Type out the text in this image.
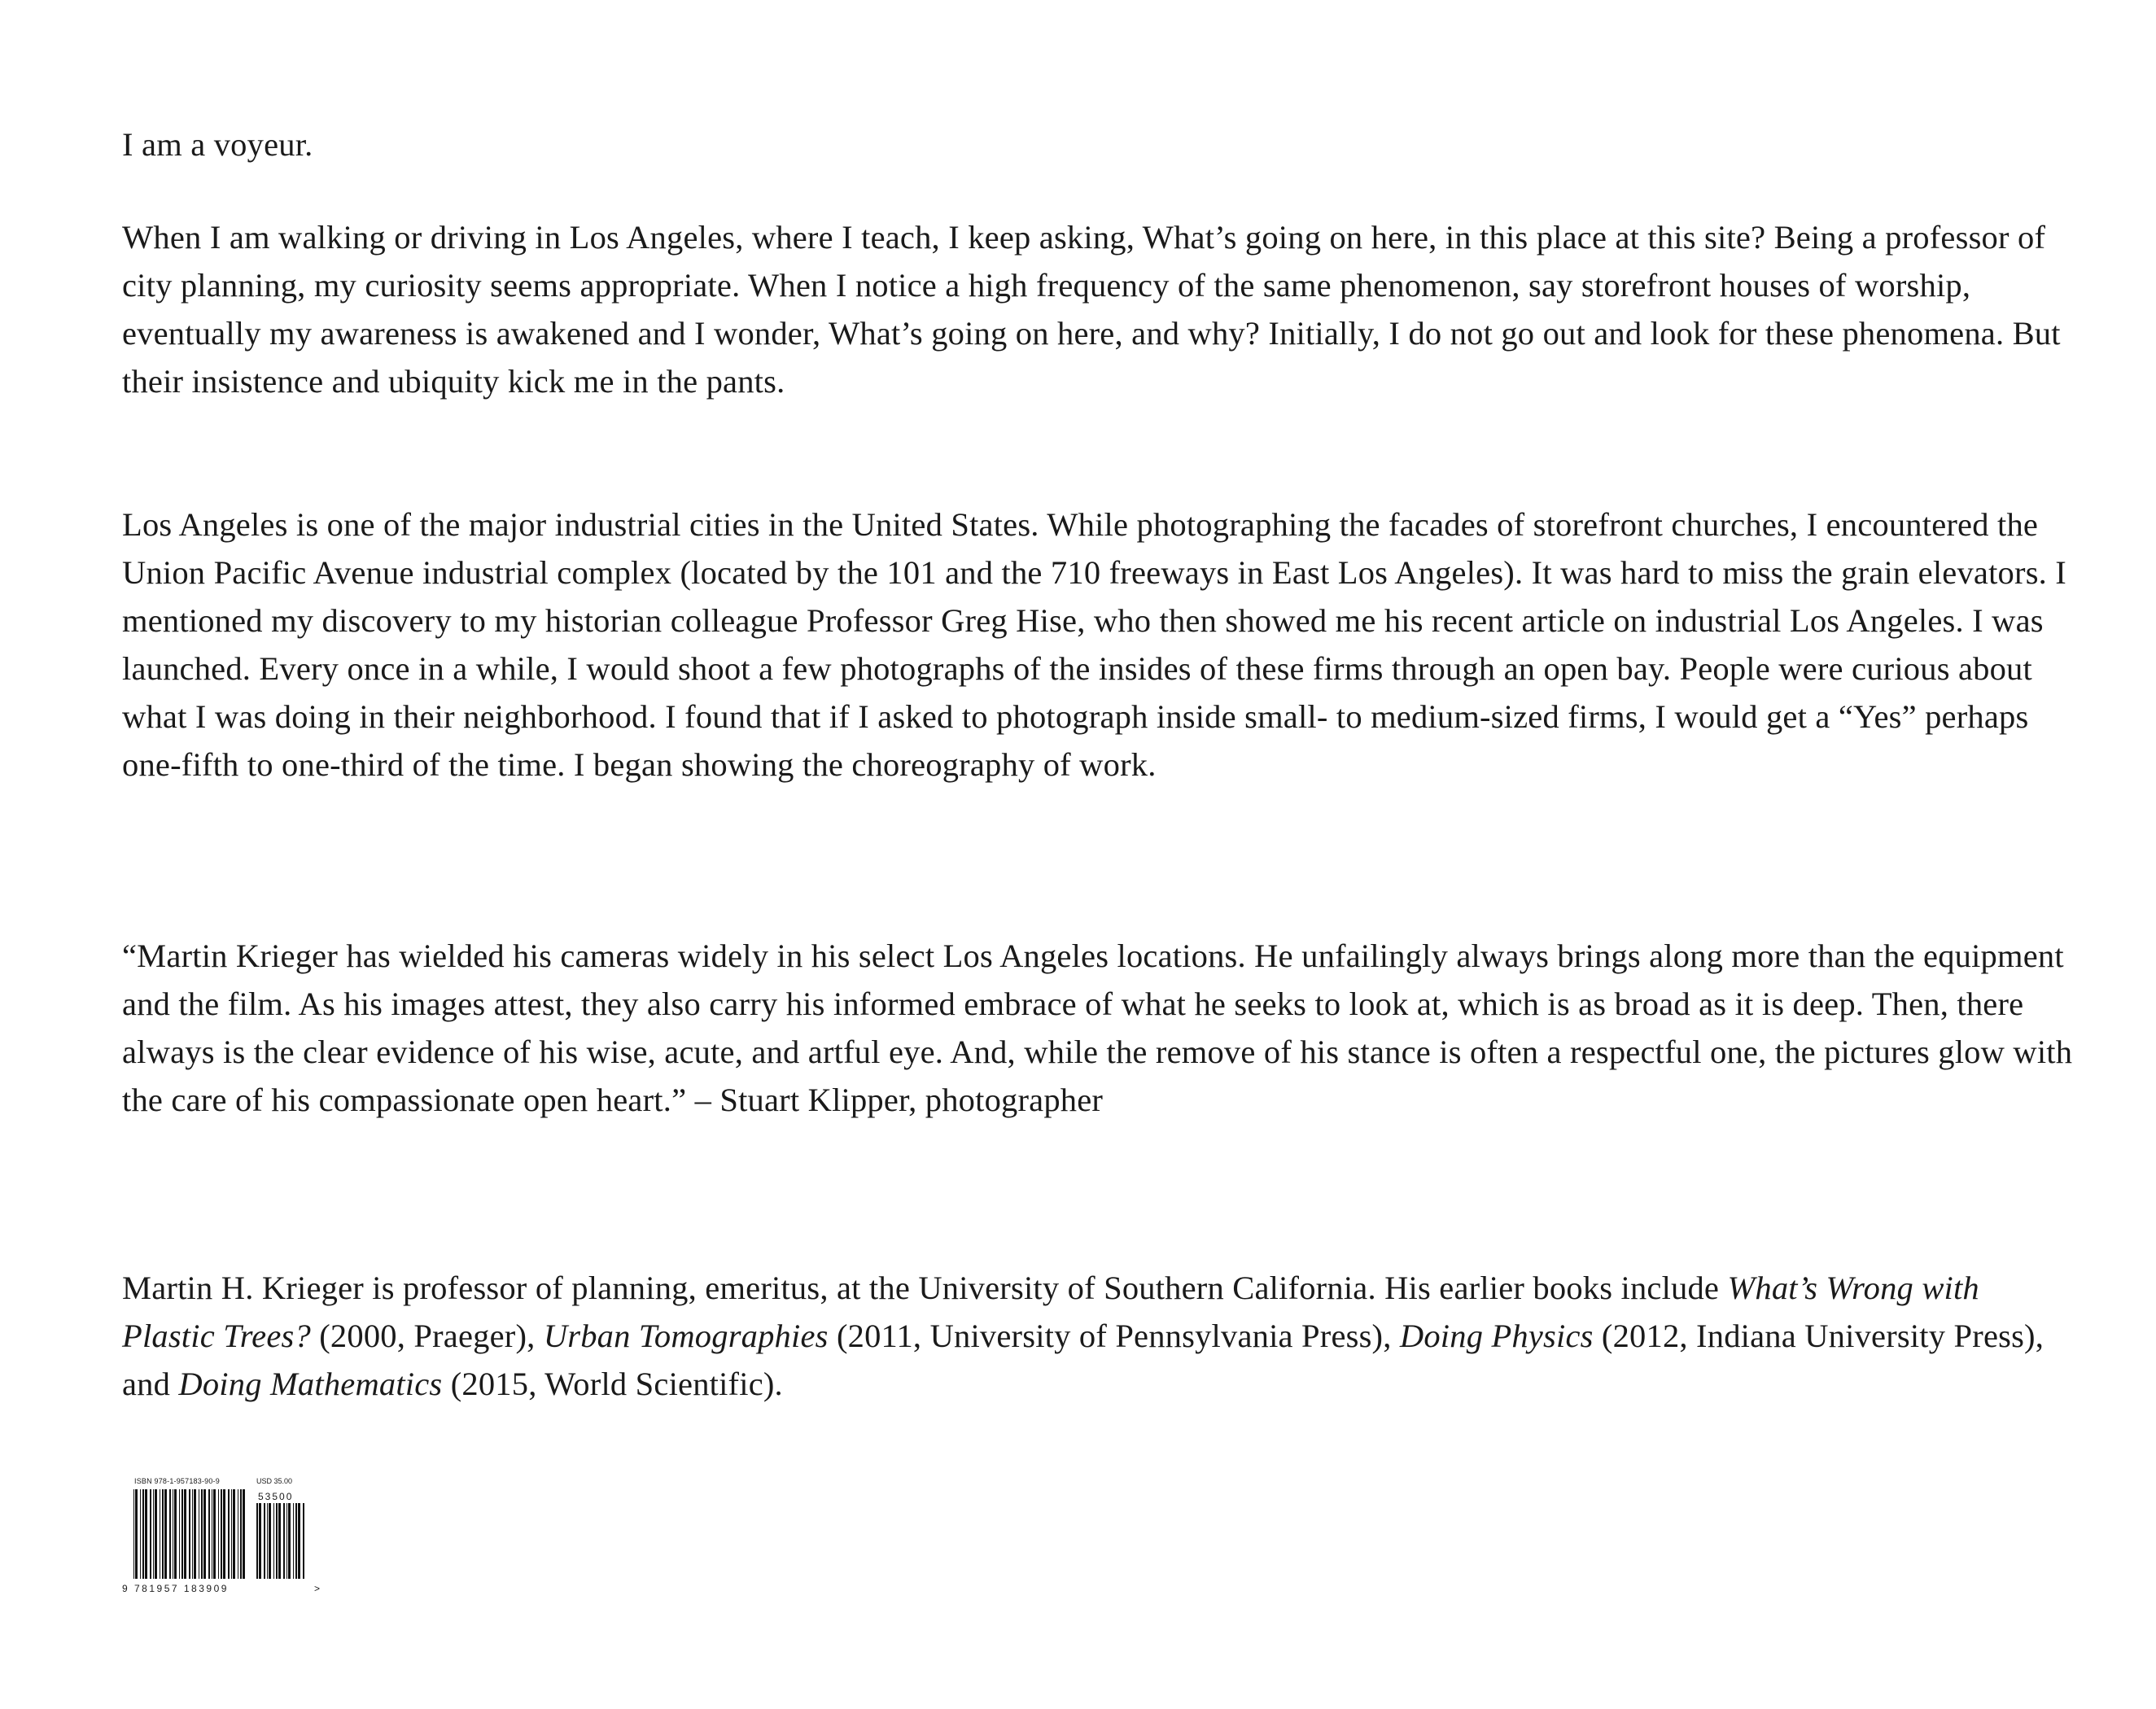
I am a voyeur.

When I am walking or driving in Los Angeles, where I teach, I keep asking, What’s going on here, in this place at this site? Being a professor of city planning, my curiosity seems appropriate. When I notice a high frequency of the same phenomenon, say storefront houses of worship, eventually my awareness is awakened and I wonder, What’s going on here, and why? Initially, I do not go out and look for these phenomena. But their insistence and ubiquity kick me in the pants.

Los Angeles is one of the major industrial cities in the United States. While photographing the facades of storefront churches, I encountered the Union Pacific Avenue industrial complex (located by the 101 and the 710 freeways in East Los Angeles). It was hard to miss the grain elevators. I mentioned my discovery to my historian colleague Professor Greg Hise, who then showed me his recent article on industrial Los Angeles. I was launched. Every once in a while, I would shoot a few photographs of the insides of these firms through an open bay. People were curious about what I was doing in their neighborhood. I found that if I asked to photograph inside small- to medium-sized firms, I would get a “Yes” perhaps one-fifth to one-third of the time. I began showing the choreography of work.

“Martin Krieger has wielded his cameras widely in his select Los Angeles locations. He unfailingly always brings along more than the equipment and the film. As his images attest, they also carry his informed embrace of what he seeks to look at, which is as broad as it is deep. Then, there always is the clear evidence of his wise, acute, and artful eye. And, while the remove of his stance is often a respectful one, the pictures glow with the care of his compassionate open heart.” – Stuart Klipper, photographer

Martin H. Krieger is professor of planning, emeritus, at the University of Southern California. His earlier books include What’s Wrong with Plastic Trees? (2000, Praeger), Urban Tomographies (2011, University of Pennsylvania Press), Doing Physics (2012, Indiana University Press), and Doing Mathematics (2015, World Scientific).

ISBN 978-1-957183-90-9	USD 35.00
53500
9 781957 183909	>
